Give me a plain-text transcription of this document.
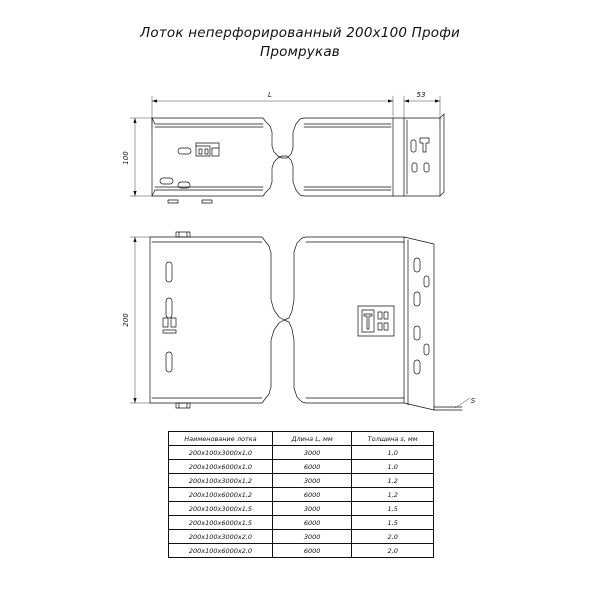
Лоток неперфорированный 200х100 Профи
Промрукав
L	53
100
200
S
Наименование лотка	Длина L, мм	Толщина s, мм
200х100х3000х1,0	3000	1,0
200х100х6000х1,0	6000	1,0
200х100х3000х1,2	3000	1,2
200х100х6000х1,2	6000	1,2
200х100х3000х1,5	3000	1,5
200х100х6000х1,5	6000	1,5
200х100х3000х2,0	3000	2,0
200х100х6000х2,0	6000	2,0
